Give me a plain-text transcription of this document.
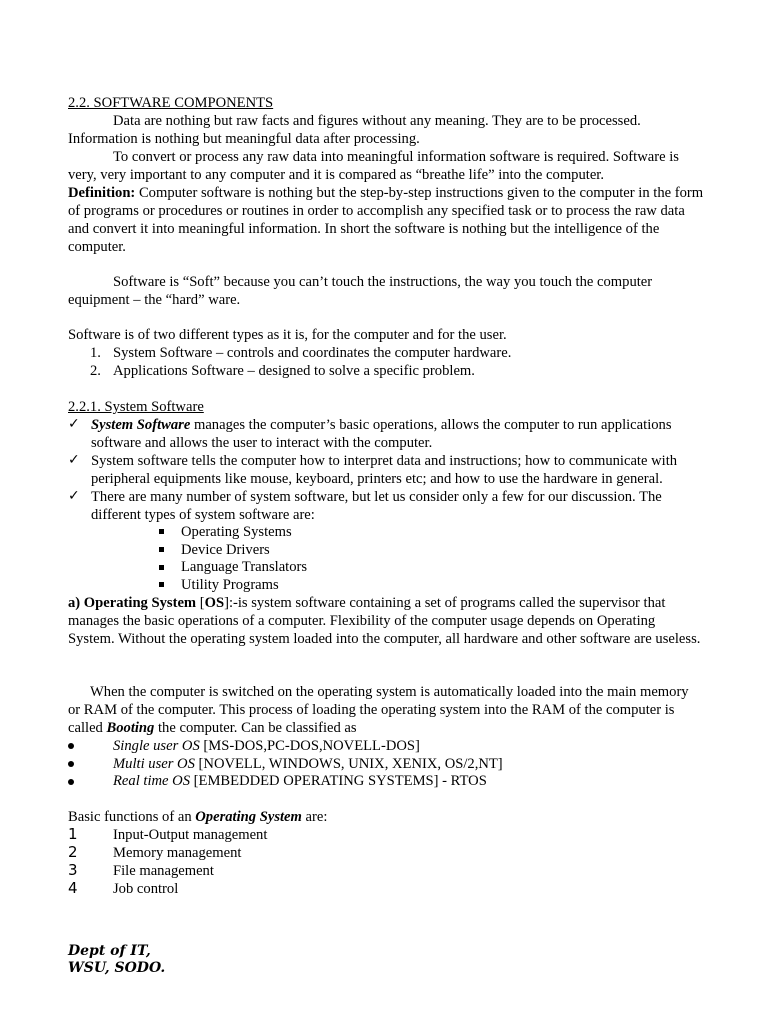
2.2. SOFTWARE COMPONENTS

Data are nothing but raw facts and figures without any meaning. They are to be processed. Information is nothing but meaningful data after processing.

To convert or process any raw data into meaningful information software is required. Software is very, very important to any computer and it is compared as “breathe life” into the computer.

Definition: Computer software is nothing but the step-by-step instructions given to the computer in the form of programs or procedures or routines in order to accomplish any specified task or to process the raw data and convert it into meaningful information. In short the software is nothing but the intelligence of the computer.

Software is “Soft” because you can’t touch the instructions, the way you touch the computer equipment – the “hard” ware.

Software is of two different types as it is, for the computer and for the user.

1. System Software – controls and coordinates the computer hardware.
2. Applications Software – designed to solve a specific problem.

2.2.1. System Software

✓ System Software manages the computer’s basic operations, allows the computer to run applications software and allows the user to interact with the computer.

✓ System software tells the computer how to interpret data and instructions; how to communicate with peripheral equipments like mouse, keyboard, printers etc; and how to use the hardware in general.

✓ There are many number of system software, but let us consider only a few for our discussion. The different types of system software are:

Operating Systems
Device Drivers
Language Translators
Utility Programs

a) Operating System [OS]:-is system software containing a set of programs called the supervisor that manages the basic operations of a computer. Flexibility of the computer usage depends on Operating System. Without the operating system loaded into the computer, all hardware and other software are useless.

When the computer is switched on the operating system is automatically loaded into the main memory or RAM of the computer. This process of loading the operating system into the RAM of the computer is called Booting the computer. Can be classified as

Single user OS [MS-DOS,PC-DOS,NOVELL-DOS]
Multi user OS [NOVELL, WINDOWS, UNIX, XENIX, OS/2,NT]
Real time OS [EMBEDDED OPERATING SYSTEMS] - RTOS

Basic functions of an Operating System are:

1 Input-Output management
2 Memory management
3 File management
4 Job control
Dept of IT,
WSU, SODO.
